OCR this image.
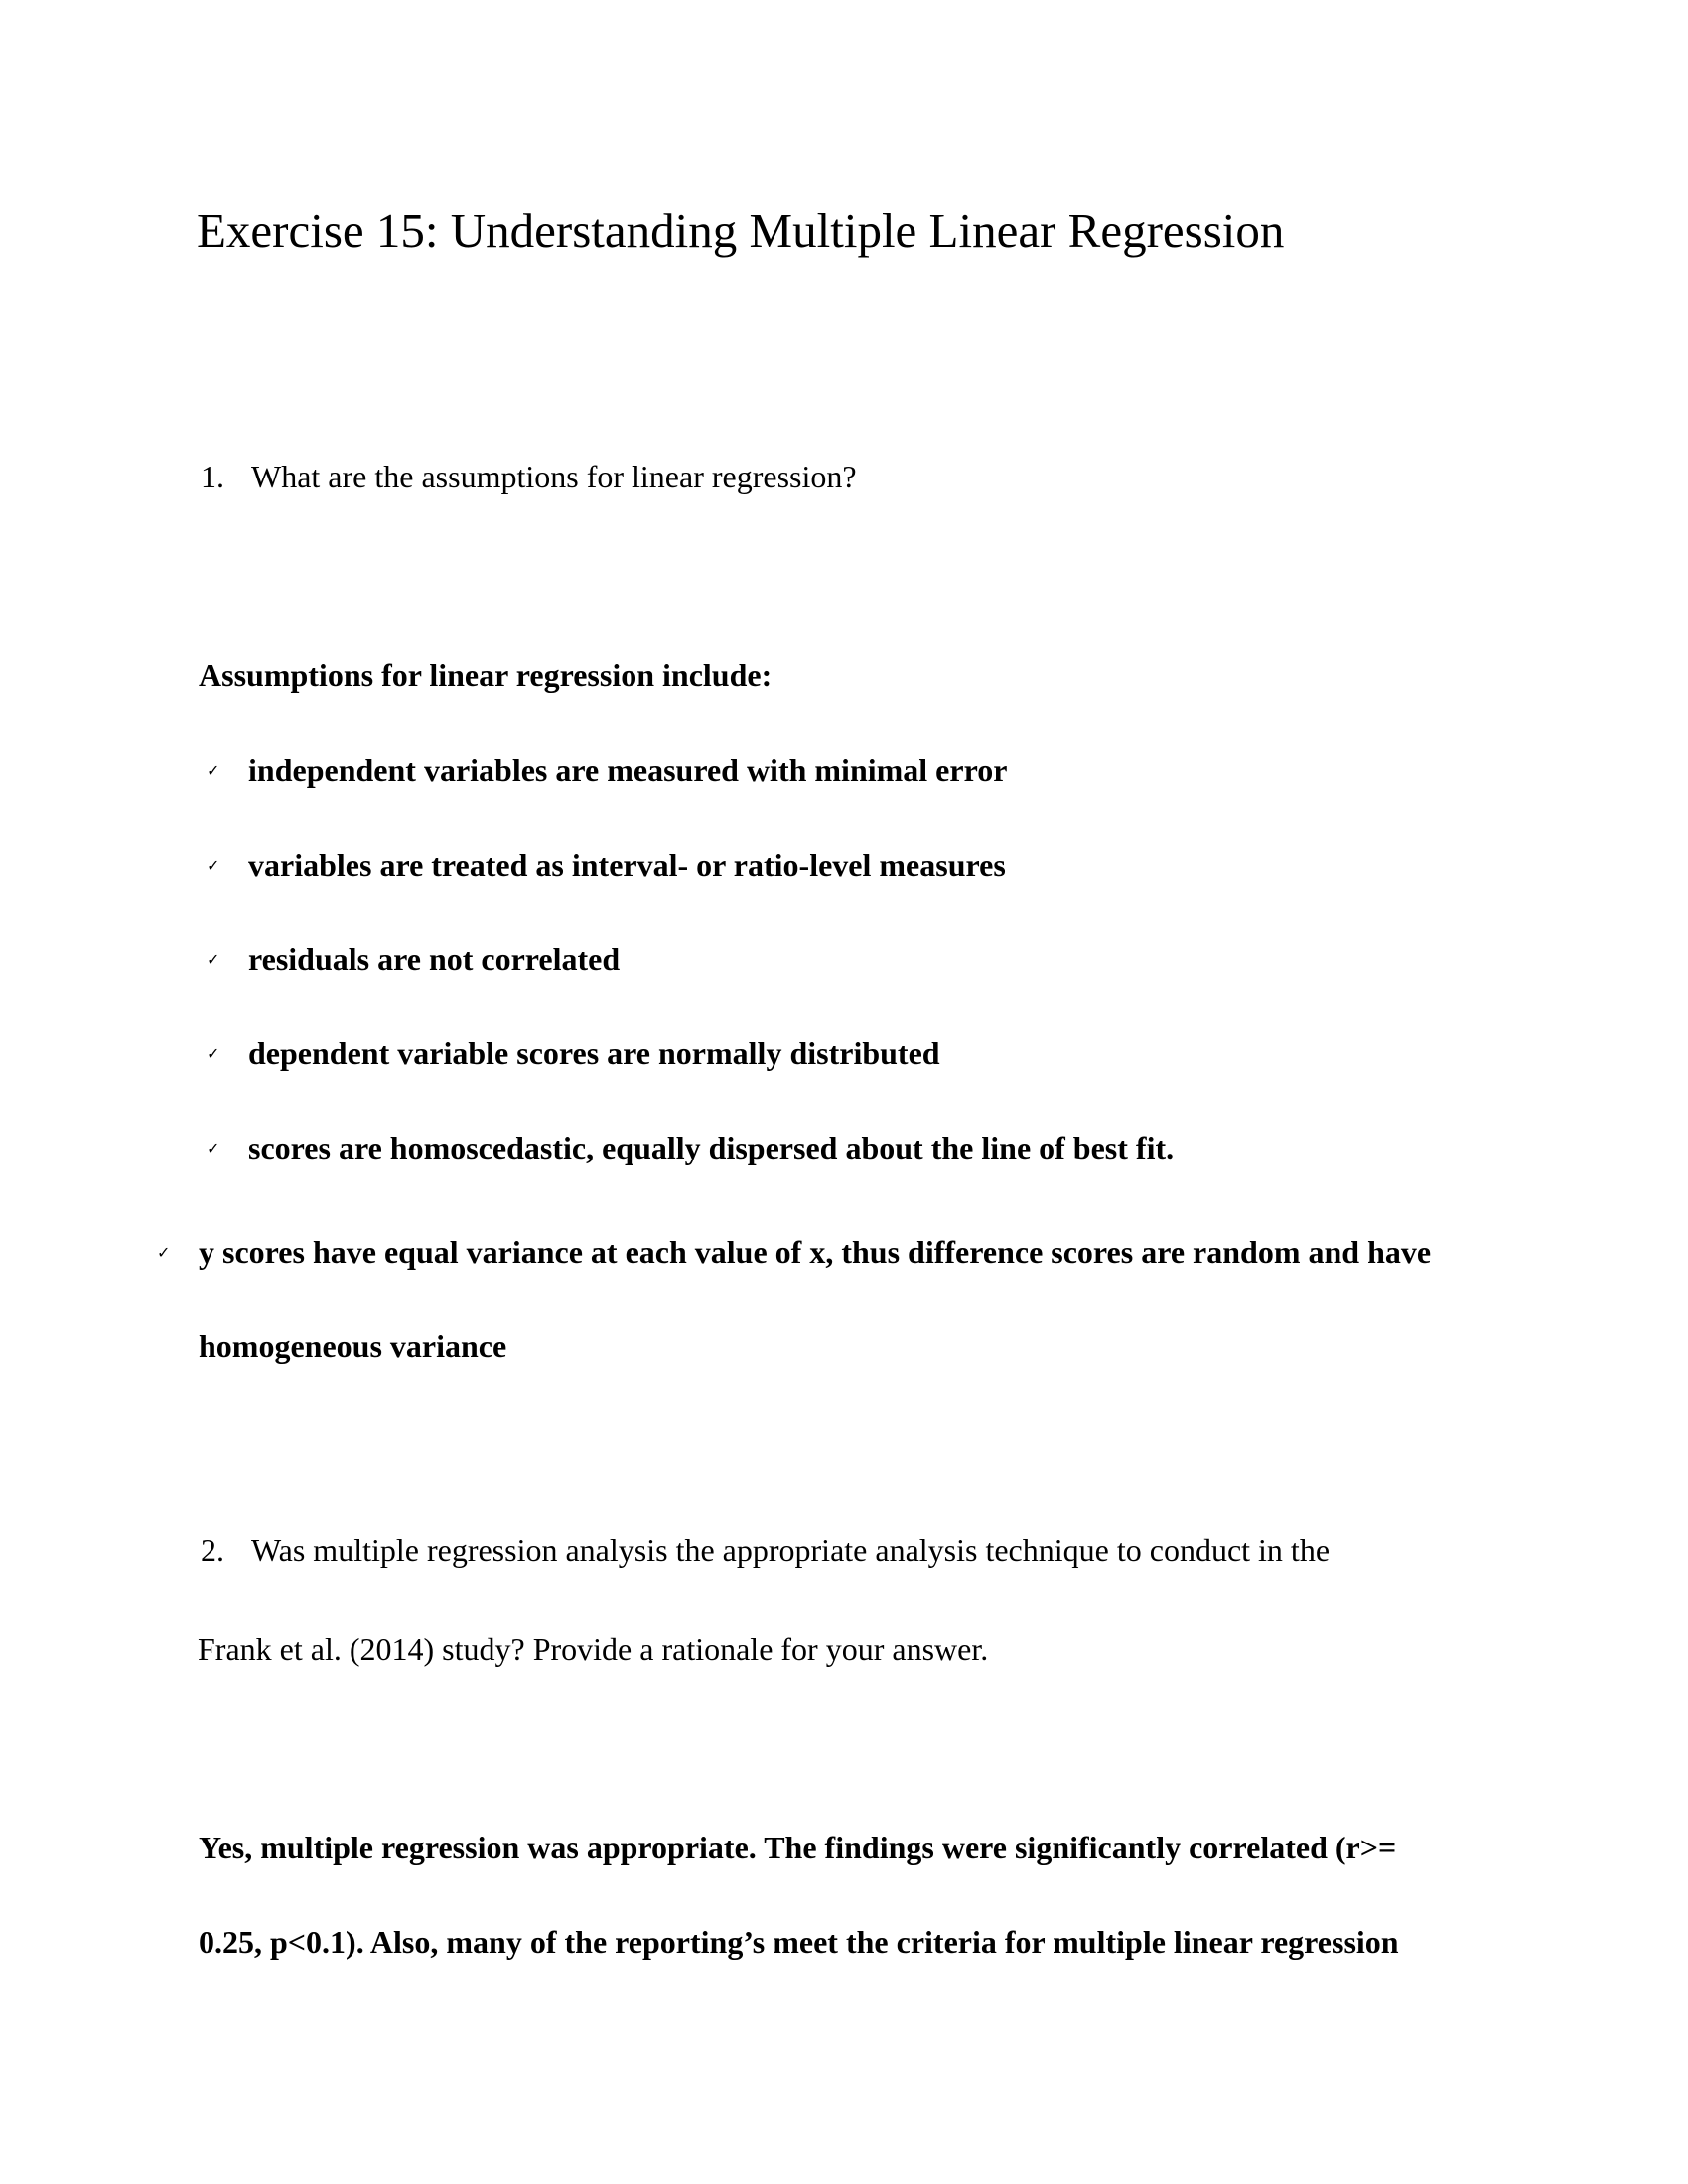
Exercise 15: Understanding Multiple Linear Regression
1. What are the assumptions for linear regression?
Assumptions for linear regression include:
✓ independent variables are measured with minimal error
✓ variables are treated as interval- or ratio-level measures
✓ residuals are not correlated
✓ dependent variable scores are normally distributed
✓ scores are homoscedastic, equally dispersed about the line of best fit.
✓ y scores have equal variance at each value of x, thus difference scores are random and have
homogeneous variance
2. Was multiple regression analysis the appropriate analysis technique to conduct in the
Frank et al. (2014) study? Provide a rationale for your answer.
Yes, multiple regression was appropriate. The findings were significantly correlated (r>=
0.25, p<0.1). Also, many of the reporting’s meet the criteria for multiple linear regression
